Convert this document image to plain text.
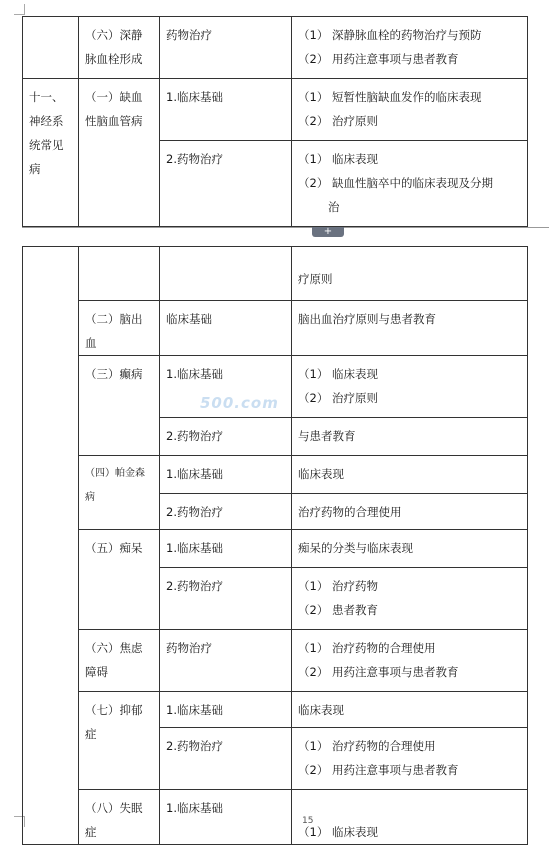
	（六）深静脉血栓形成	药物治疗	（1） 深静脉血栓的药物治疗与预防
（2） 用药注意事项与患者教育

十一、神经系统常见病	（一）缺血性脑血管病	1.临床基础	（1） 短暂性脑缺血发作的临床表现
（2） 治疗原则

		2.药物治疗	（1） 临床表现
（2） 缺血性脑卒中的临床表现及分期
治
+

			疗原则

	（二）脑出血	临床基础	脑出血治疗原则与患者教育

	（三）癫病	1.临床基础	（1） 临床表现
（2） 治疗原则

		2.药物治疗	与患者教育

	（四）帕金森病	1.临床基础	临床表现

		2.药物治疗	治疗药物的合理使用

	（五）痴呆	1.临床基础	痴呆的分类与临床表现

		2.药物治疗	（1） 治疗药物
（2） 患者教育

	（六）焦虑障碍	药物治疗	（1） 治疗药物的合理使用
（2） 用药注意事项与患者教育

	（七）抑郁症	1.临床基础	临床表现

		2.药物治疗	（1） 治疗药物的合理使用
（2） 用药注意事项与患者教育

	（八）失眠症	1.临床基础	（1） 临床表现
500.com
15
